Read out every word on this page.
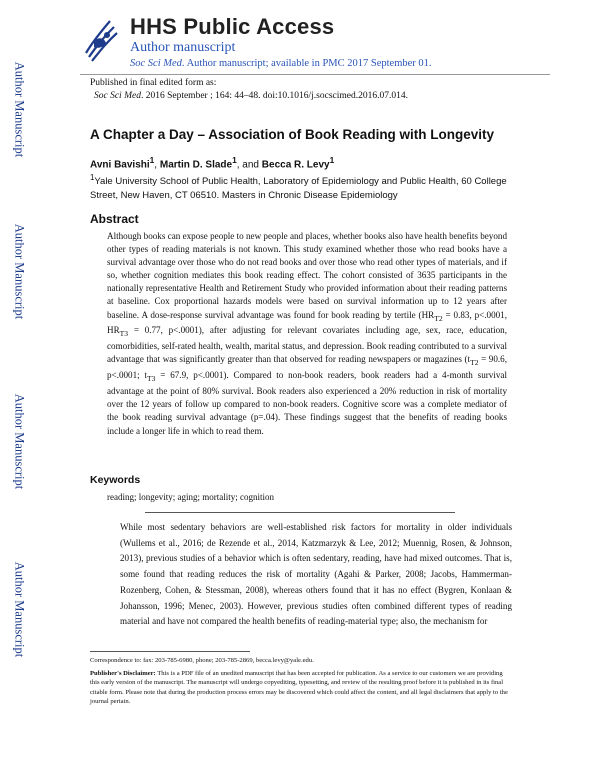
HHS Public Access
Author manuscript
Soc Sci Med. Author manuscript; available in PMC 2017 September 01.
Author Manuscript
Author Manuscript
Author Manuscript
Author Manuscript
Published in final edited form as:
Soc Sci Med. 2016 September ; 164: 44–48. doi:10.1016/j.socscimed.2016.07.014.
A Chapter a Day – Association of Book Reading with Longevity
Avni Bavishi$^1$, Martin D. Slade$^1$, and Becca R. Levy$^1$
$^1$Yale University School of Public Health, Laboratory of Epidemiology and Public Health, 60 College Street, New Haven, CT 06510. Masters in Chronic Disease Epidemiology
Abstract
Although books can expose people to new people and places, whether books also have health benefits beyond other types of reading materials is not known. This study examined whether those who read books have a survival advantage over those who do not read books and over those who read other types of materials, and if so, whether cognition mediates this book reading effect. The cohort consisted of 3635 participants in the nationally representative Health and Retirement Study who provided information about their reading patterns at baseline. Cox proportional hazards models were based on survival information up to 12 years after baseline. A dose-response survival advantage was found for book reading by tertile ($HR_{T2} = 0.83$, p<.0001, $HR_{T3} = 0.77$, p<.0001), after adjusting for relevant covariates including age, sex, race, education, comorbidities, self-rated health, wealth, marital status, and depression. Book reading contributed to a survival advantage that was significantly greater than that observed for reading newspapers or magazines ($t_{T2} = 90.6$, p<.0001; $t_{T3} = 67.9$, p<.0001). Compared to non-book readers, book readers had a 4-month survival advantage at the point of 80% survival. Book readers also experienced a 20% reduction in risk of mortality over the 12 years of follow up compared to non-book readers. Cognitive score was a complete mediator of the book reading survival advantage (p=.04). These findings suggest that the benefits of reading books include a longer life in which to read them.
Keywords
reading; longevity; aging; mortality; cognition
While most sedentary behaviors are well-established risk factors for mortality in older individuals (Wullems et al., 2016; de Rezende et al., 2014, Katzmarzyk & Lee, 2012; Muennig, Rosen, & Johnson, 2013), previous studies of a behavior which is often sedentary, reading, have had mixed outcomes. That is, some found that reading reduces the risk of mortality (Agahi & Parker, 2008; Jacobs, Hammerman-Rozenberg, Cohen, & Stessman, 2008), whereas others found that it has no effect (Bygren, Konlaan & Johansson, 1996; Menec, 2003). However, previous studies often combined different types of reading material and have not compared the health benefits of reading-material type; also, the mechanism for
Correspondence to: fax: 203-785-6980, phone; 203-785-2869, becca.levy@yale.edu.
Publisher's Disclaimer: This is a PDF file of an unedited manuscript that has been accepted for publication. As a service to our customers we are providing this early version of the manuscript. The manuscript will undergo copyediting, typesetting, and review of the resulting proof before it is published in its final citable form. Please note that during the production process errors may be discovered which could affect the content, and all legal disclaimers that apply to the journal pertain.
